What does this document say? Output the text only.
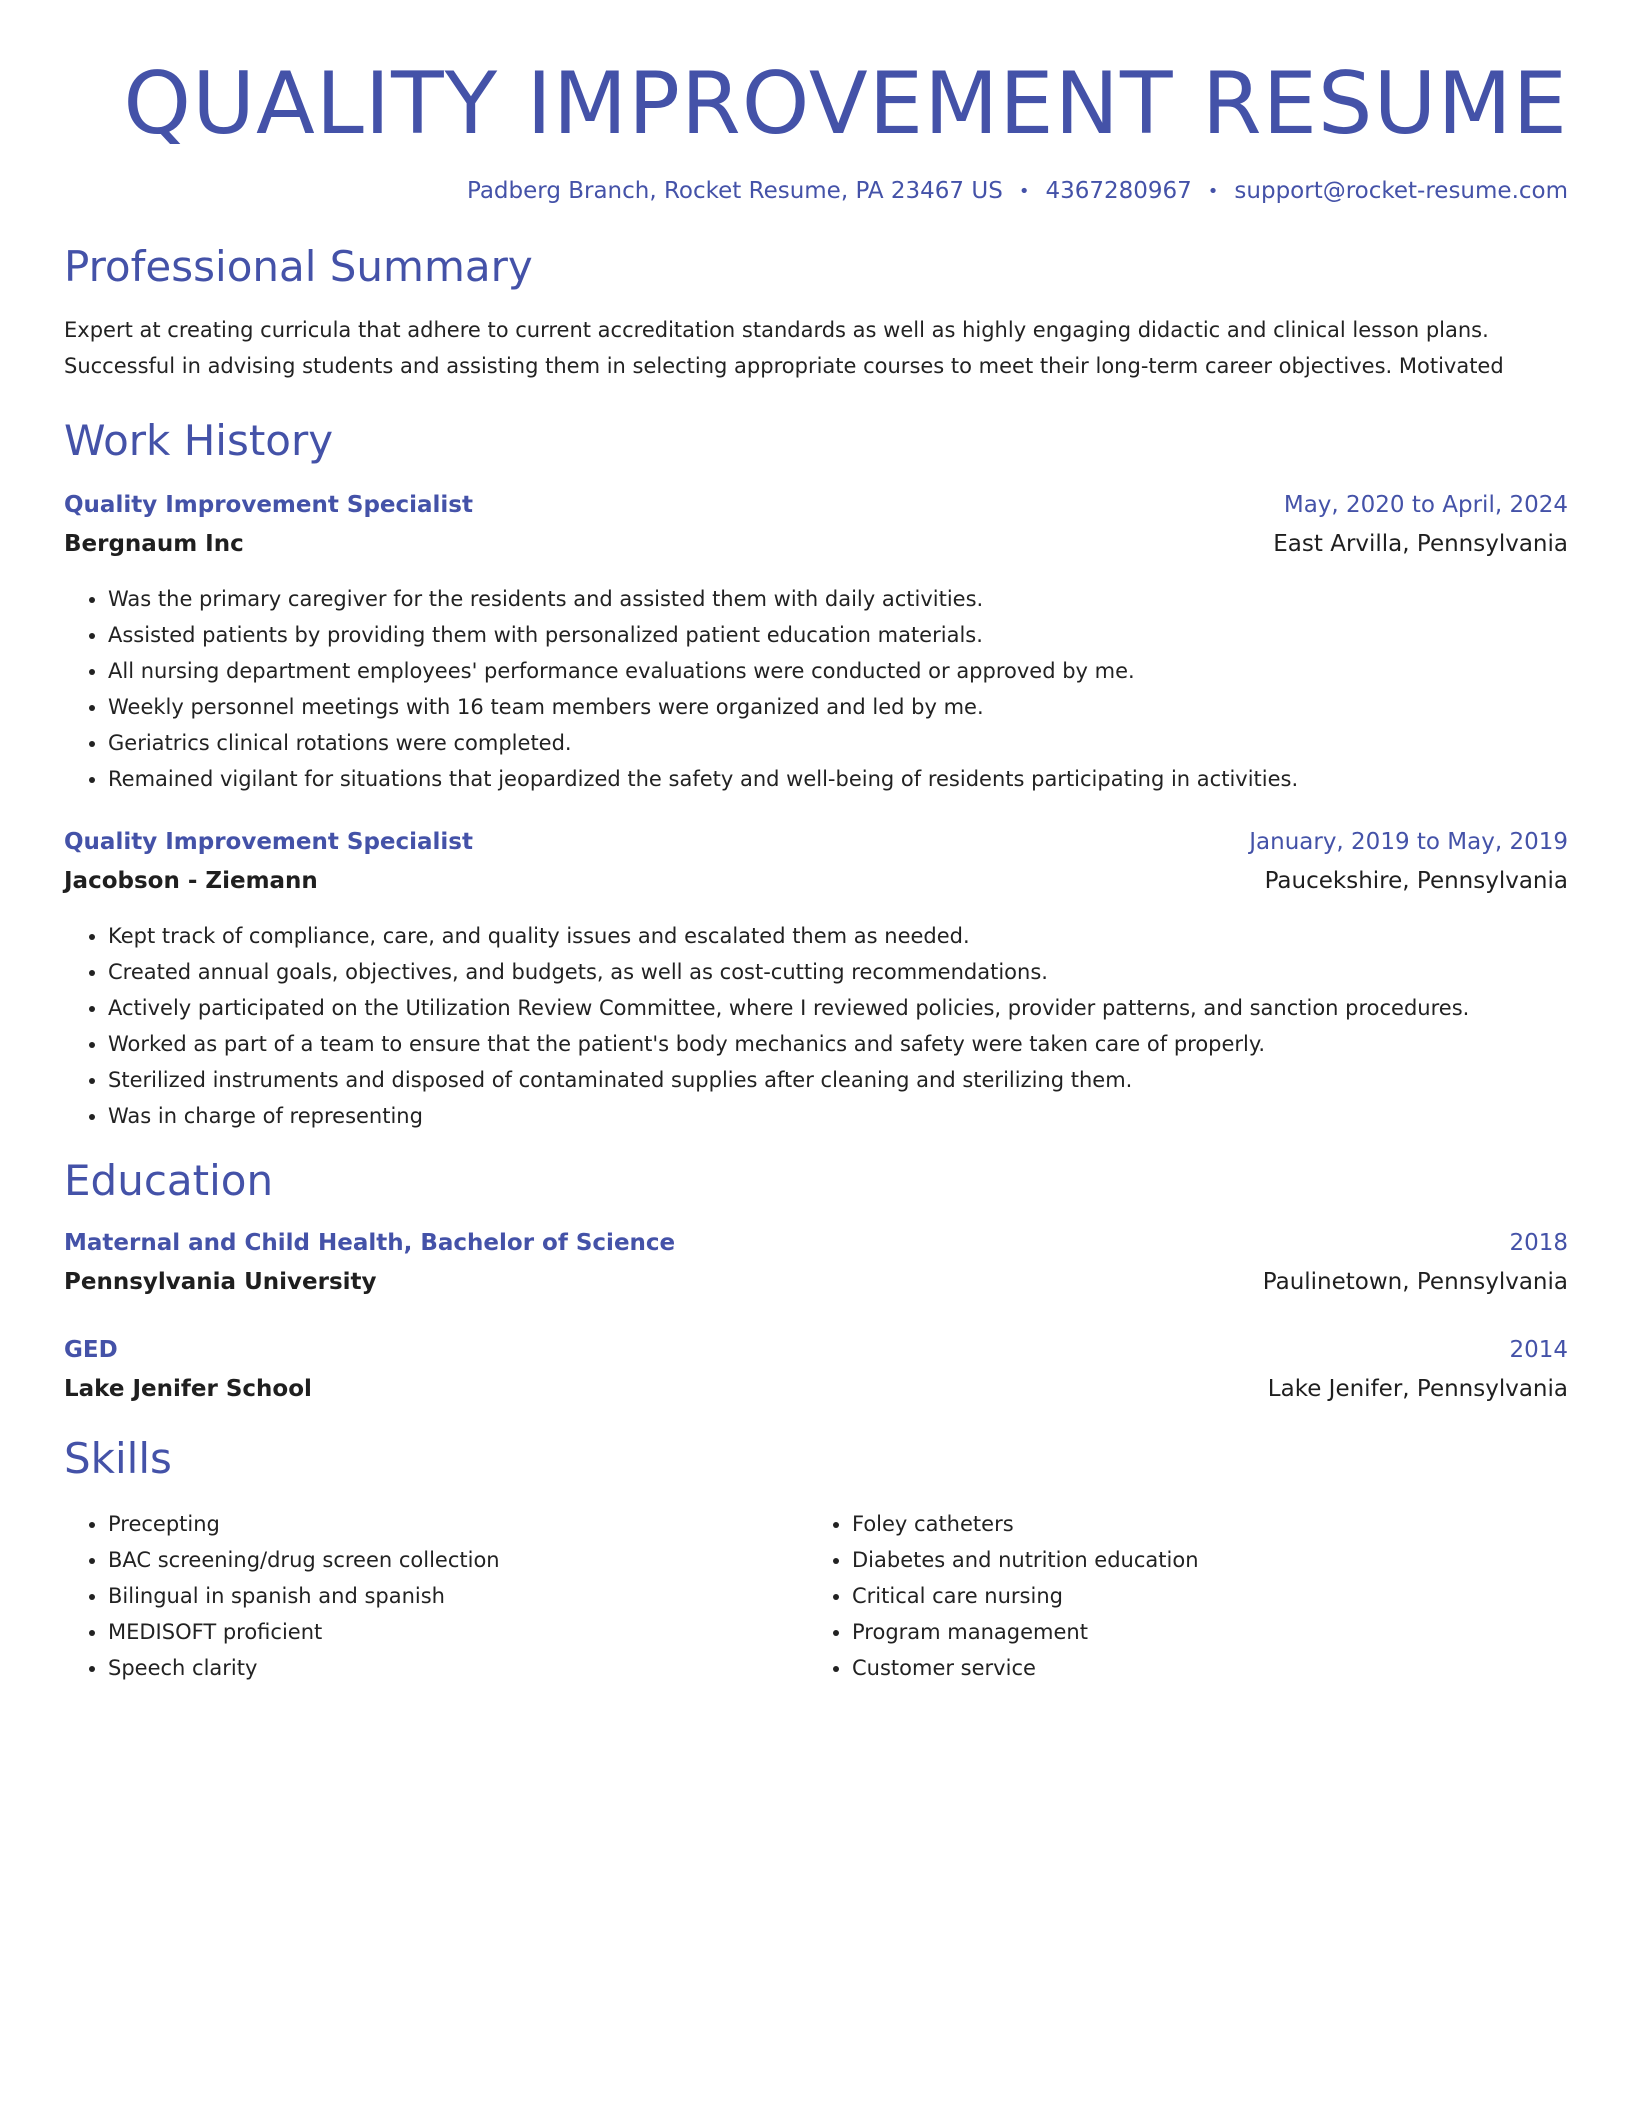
QUALITY IMPROVEMENT RESUME
Padberg Branch, Rocket Resume, PA 23467 US • 4367280967 • support@rocket-resume.com
Professional Summary
Expert at creating curricula that adhere to current accreditation standards as well as highly engaging didactic and clinical lesson plans.
Successful in advising students and assisting them in selecting appropriate courses to meet their long-term career objectives. Motivated
Work History
Quality Improvement Specialist	May, 2020 to April, 2024
Bergnaum Inc	East Arvilla, Pennsylvania
• Was the primary caregiver for the residents and assisted them with daily activities.
• Assisted patients by providing them with personalized patient education materials.
• All nursing department employees' performance evaluations were conducted or approved by me.
• Weekly personnel meetings with 16 team members were organized and led by me.
• Geriatrics clinical rotations were completed.
• Remained vigilant for situations that jeopardized the safety and well-being of residents participating in activities.
Quality Improvement Specialist	January, 2019 to May, 2019
Jacobson - Ziemann	Paucekshire, Pennsylvania
• Kept track of compliance, care, and quality issues and escalated them as needed.
• Created annual goals, objectives, and budgets, as well as cost-cutting recommendations.
• Actively participated on the Utilization Review Committee, where I reviewed policies, provider patterns, and sanction procedures.
• Worked as part of a team to ensure that the patient's body mechanics and safety were taken care of properly.
• Sterilized instruments and disposed of contaminated supplies after cleaning and sterilizing them.
• Was in charge of representing
Education
Maternal and Child Health, Bachelor of Science	2018
Pennsylvania University	Paulinetown, Pennsylvania
GED	2014
Lake Jenifer School	Lake Jenifer, Pennsylvania
Skills
• Precepting
• BAC screening/drug screen collection
• Bilingual in spanish and spanish
• MEDISOFT proficient
• Speech clarity
• Foley catheters
• Diabetes and nutrition education
• Critical care nursing
• Program management
• Customer service
